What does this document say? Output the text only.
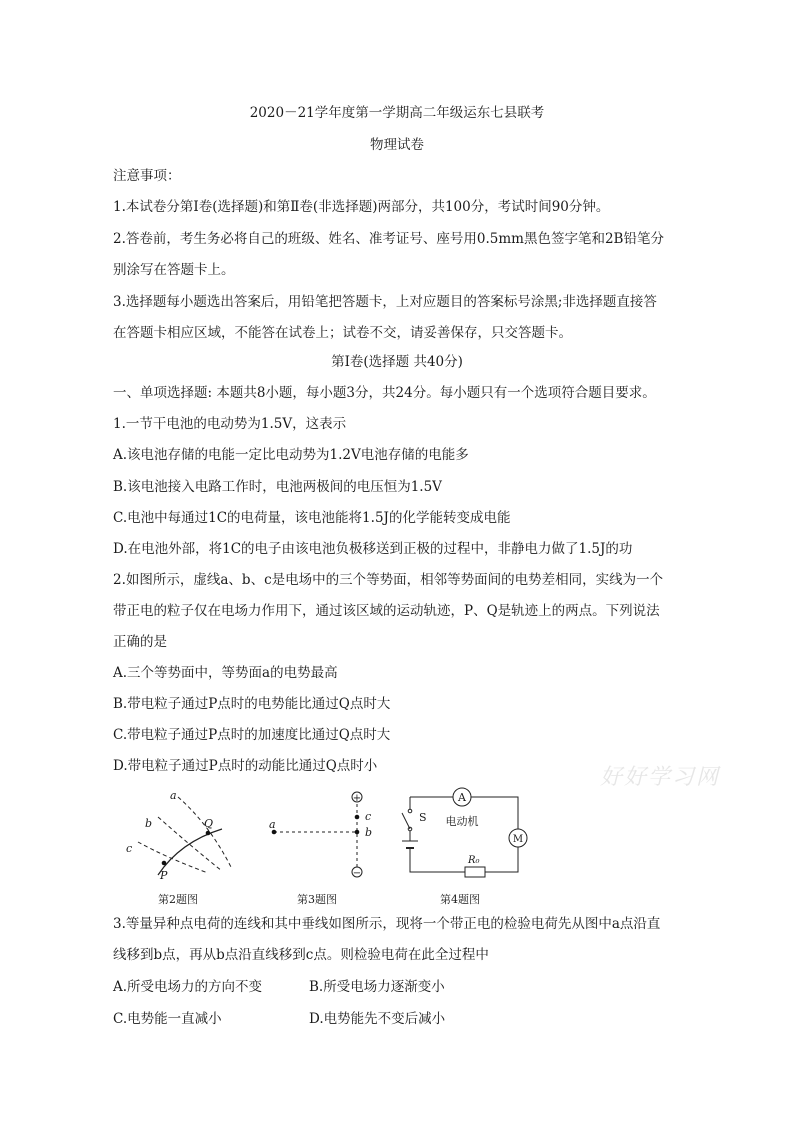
2020－21学年度第一学期高二年级运东七县联考
物理试卷
注意事项：
1.本试卷分第Ⅰ卷(选择题)和第Ⅱ卷(非选择题)两部分，共100分，考试时间90分钟。
2.答卷前，考生务必将自己的班级、姓名、准考证号、座号用0.5mm黑色签字笔和2B铅笔分
别涂写在答题卡上。
3.选择题每小题选出答案后，用铅笔把答题卡，上对应题目的答案标号涂黑;非选择题直接答
在答题卡相应区域，不能答在试卷上；试卷不交，请妥善保存，只交答题卡。
第Ⅰ卷(选择题 共40分)
一、单项选择题: 本题共8小题，每小题3分，共24分。每小题只有一个选项符合题目要求。
1.一节干电池的电动势为1.5V，这表示
A.该电池存储的电能一定比电动势为1.2V电池存储的电能多
B.该电池接入电路工作时，电池两极间的电压恒为1.5V
C.电池中每通过1C的电荷量，该电池能将1.5J的化学能转变成电能
D.在电池外部，将1C的电子由该电池负极移送到正极的过程中，非静电力做了1.5J的功
2.如图所示，虚线a、b、c是电场中的三个等势面，相邻等势面间的电势差相同，实线为一个
带正电的粒子仅在电场力作用下，通过该区域的运动轨迹，P、Q是轨迹上的两点。下列说法
正确的是
A.三个等势面中，等势面a的电势最高
B.带电粒子通过P点时的电势能比通过Q点时大
C.带电粒子通过P点时的加速度比通过Q点时大
D.带电粒子通过P点时的动能比通过Q点时小	好好学习网
a
b
c
P
Q
第2题图
+
−
a
b
c
第3题图
A
S 电动机
M
R₀
第4题图
3.等量异种点电荷的连线和其中垂线如图所示，现将一个带正电的检验电荷先从图中a点沿直
线移到b点，再从b点沿直线移到c点。则检验电荷在此全过程中
A.所受电场力的方向不变	B.所受电场力逐渐变小
C.电势能一直减小	D.电势能先不变后减小
